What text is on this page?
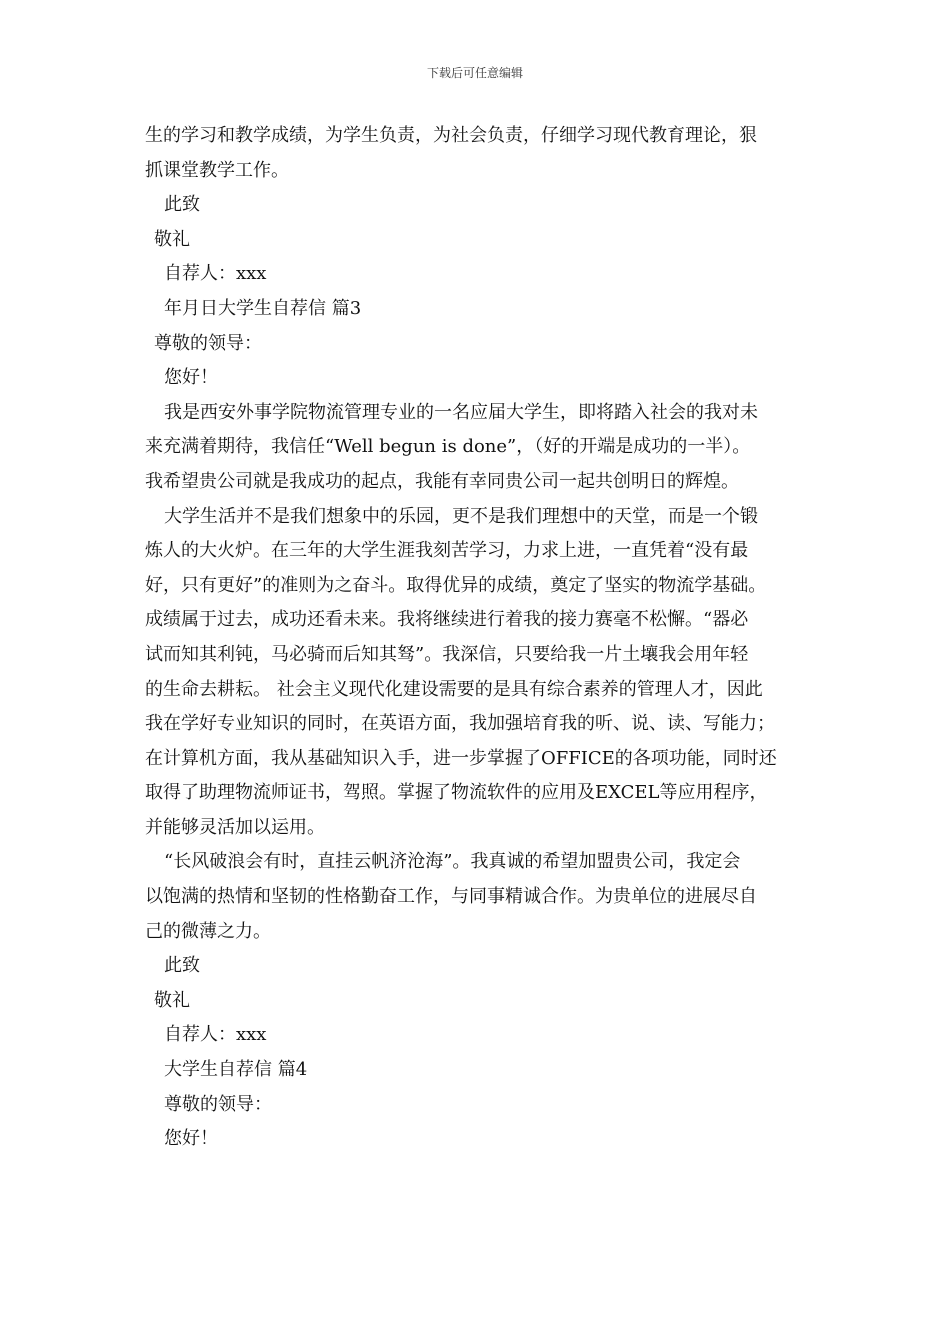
下载后可任意编辑
生的学习和教学成绩，为学生负责，为社会负责，仔细学习现代教育理论，狠
抓课堂教学工作。
此致
敬礼
自荐人：xxx
年月日大学生自荐信 篇3
尊敬的领导：
您好！
我是西安外事学院物流管理专业的一名应届大学生，即将踏入社会的我对未
来充满着期待，我信任“Well begun is done”，（好的开端是成功的一半）。
我希望贵公司就是我成功的起点，我能有幸同贵公司一起共创明日的辉煌。
大学生活并不是我们想象中的乐园，更不是我们理想中的天堂，而是一个锻
炼人的大火炉。在三年的大学生涯我刻苦学习，力求上进，一直凭着“没有最
好，只有更好”的准则为之奋斗。取得优异的成绩，奠定了坚实的物流学基础。
成绩属于过去，成功还看未来。我将继续进行着我的接力赛毫不松懈。“器必
试而知其利钝，马必骑而后知其驽”。我深信，只要给我一片土壤我会用年轻
的生命去耕耘。 社会主义现代化建设需要的是具有综合素养的管理人才，因此
我在学好专业知识的同时，在英语方面，我加强培育我的听、说、读、写能力；
在计算机方面，我从基础知识入手，进一步掌握了OFFICE的各项功能，同时还
取得了助理物流师证书，驾照。掌握了物流软件的应用及EXCEL等应用程序，
并能够灵活加以运用。
“长风破浪会有时，直挂云帆济沧海”。我真诚的希望加盟贵公司，我定会
以饱满的热情和坚韧的性格勤奋工作，与同事精诚合作。为贵单位的进展尽自
己的微薄之力。
此致
敬礼
自荐人：xxx
大学生自荐信 篇4
尊敬的领导：
您好！
